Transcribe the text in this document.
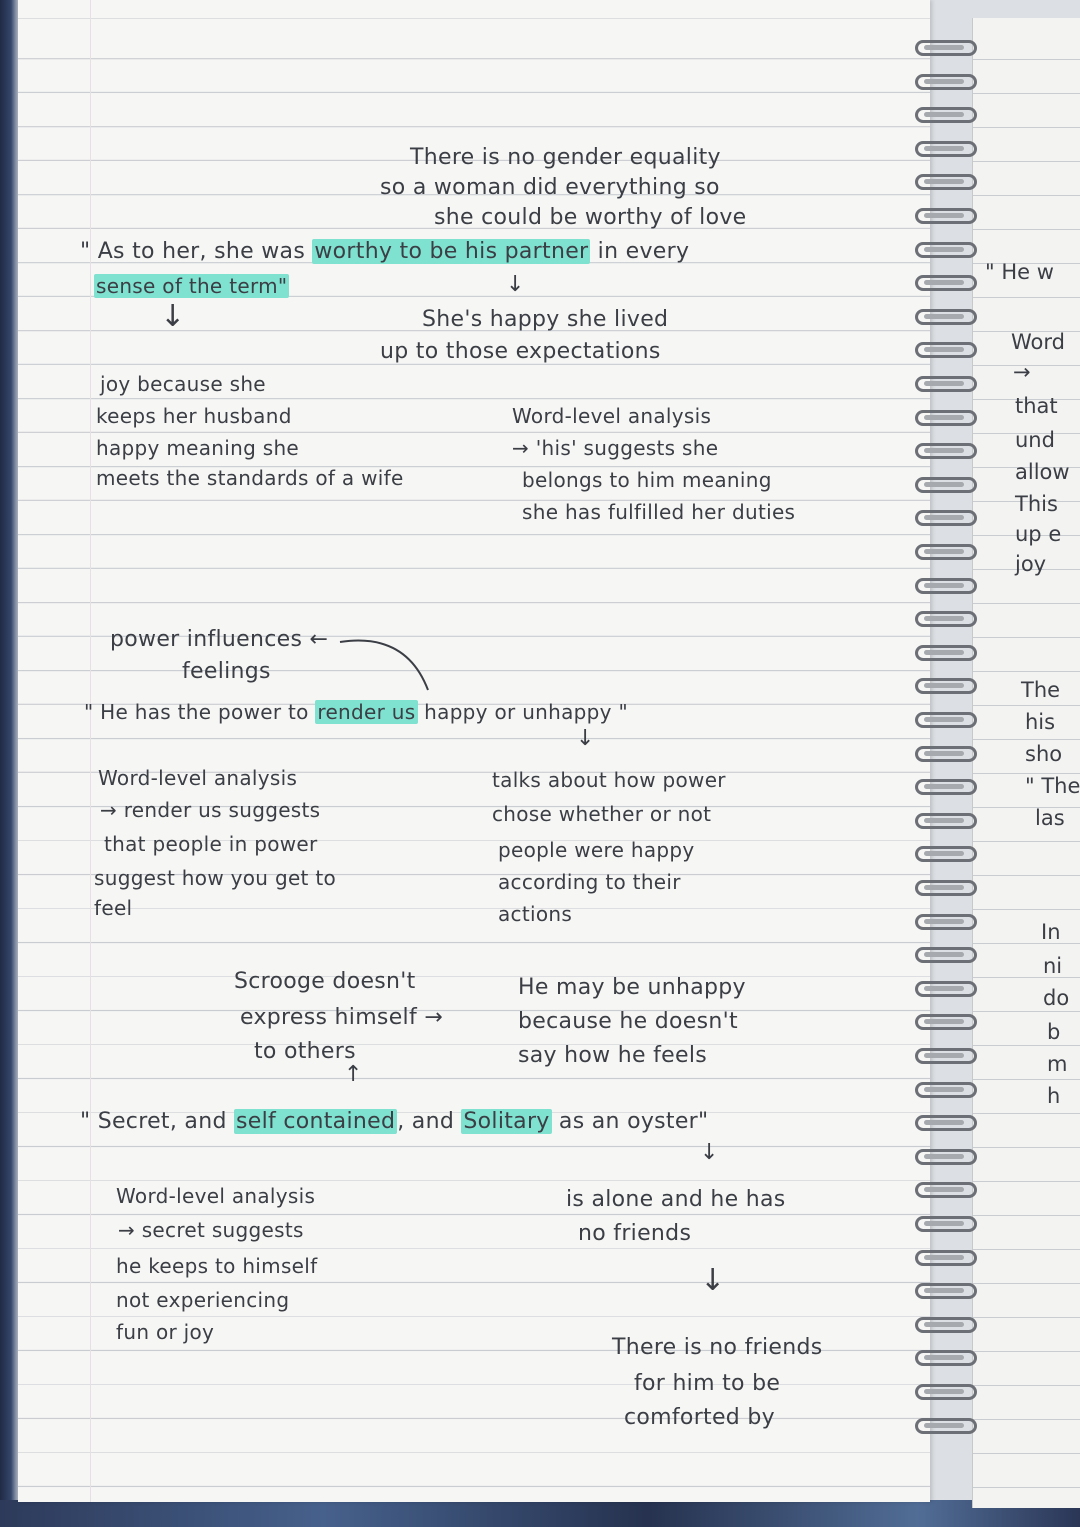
" He w
Word
→
that
und
allow
This
up e
joy
The
his
sho
" The
las
In
ni
do
b
m
h
There is no gender equality
so a woman did everything so
she could be worthy of love
" As to her, she was worthy to be his partner in every
sense of the term"	↓
↓	She's happy she lived
up to those expectations
joy because she
keeps her husband
happy meaning she
meets the standards of a wife
Word-level analysis
→ 'his' suggests she
belongs to him meaning
she has fulfilled her duties
power influences ←
feelings
" He has the power to render us happy or unhappy "
↓
Word-level analysis
→ render us suggests
that people in power
suggest how you get to
feel
talks about how power
chose whether or not
people were happy
according to their
actions
Scrooge doesn't
express himself →
to others
↑
He may be unhappy
because he doesn't
say how he feels
" Secret, and self contained, and Solitary as an oyster"
↓
Word-level analysis
→ secret suggests
he keeps to himself
not experiencing
fun or joy
is alone and he has
no friends
↓
There is no friends
for him to be
comforted by
